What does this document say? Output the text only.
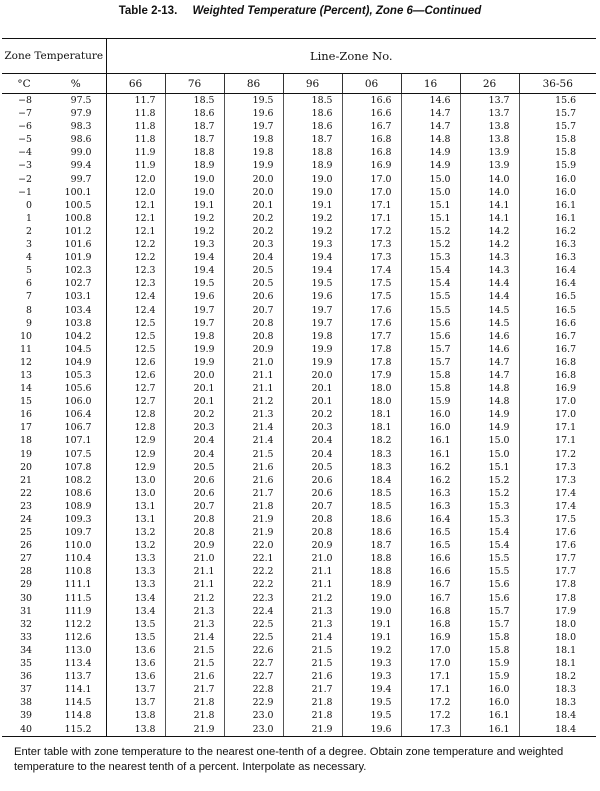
Table 2-13. Weighted Temperature (Percent), Zone 6—Continued
Zone Temperature		Line-Zone No.							
°C	%	66	76	86	96	06	16	26	36-56
−8	97.5	11.7	18.5	19.5	18.5	16.6	14.6	13.7	15.6
−7	97.9	11.8	18.6	19.6	18.6	16.6	14.7	13.7	15.7
−6	98.3	11.8	18.7	19.7	18.6	16.7	14.7	13.8	15.7
−5	98.6	11.8	18.7	19.8	18.7	16.8	14.8	13.8	15.8
−4	99.0	11.9	18.8	19.8	18.8	16.8	14.9	13.9	15.8
−3	99.4	11.9	18.9	19.9	18.9	16.9	14.9	13.9	15.9
−2	99.7	12.0	19.0	20.0	19.0	17.0	15.0	14.0	16.0
−1	100.1	12.0	19.0	20.0	19.0	17.0	15.0	14.0	16.0
0	100.5	12.1	19.1	20.1	19.1	17.1	15.1	14.1	16.1
1	100.8	12.1	19.2	20.2	19.2	17.1	15.1	14.1	16.1
2	101.2	12.1	19.2	20.2	19.2	17.2	15.2	14.2	16.2
3	101.6	12.2	19.3	20.3	19.3	17.3	15.2	14.2	16.3
4	101.9	12.2	19.4	20.4	19.4	17.3	15.3	14.3	16.3
5	102.3	12.3	19.4	20.5	19.4	17.4	15.4	14.3	16.4
6	102.7	12.3	19.5	20.5	19.5	17.5	15.4	14.4	16.4
7	103.1	12.4	19.6	20.6	19.6	17.5	15.5	14.4	16.5
8	103.4	12.4	19.7	20.7	19.7	17.6	15.5	14.5	16.5
9	103.8	12.5	19.7	20.8	19.7	17.6	15.6	14.5	16.6
10	104.2	12.5	19.8	20.8	19.8	17.7	15.6	14.6	16.7
11	104.5	12.5	19.9	20.9	19.9	17.8	15.7	14.6	16.7
12	104.9	12.6	19.9	21.0	19.9	17.8	15.7	14.7	16.8
13	105.3	12.6	20.0	21.1	20.0	17.9	15.8	14.7	16.8
14	105.6	12.7	20.1	21.1	20.1	18.0	15.8	14.8	16.9
15	106.0	12.7	20.1	21.2	20.1	18.0	15.9	14.8	17.0
16	106.4	12.8	20.2	21.3	20.2	18.1	16.0	14.9	17.0
17	106.7	12.8	20.3	21.4	20.3	18.1	16.0	14.9	17.1
18	107.1	12.9	20.4	21.4	20.4	18.2	16.1	15.0	17.1
19	107.5	12.9	20.4	21.5	20.4	18.3	16.1	15.0	17.2
20	107.8	12.9	20.5	21.6	20.5	18.3	16.2	15.1	17.3
21	108.2	13.0	20.6	21.6	20.6	18.4	16.2	15.2	17.3
22	108.6	13.0	20.6	21.7	20.6	18.5	16.3	15.2	17.4
23	108.9	13.1	20.7	21.8	20.7	18.5	16.3	15.3	17.4
24	109.3	13.1	20.8	21.9	20.8	18.6	16.4	15.3	17.5
25	109.7	13.2	20.8	21.9	20.8	18.6	16.5	15.4	17.6
26	110.0	13.2	20.9	22.0	20.9	18.7	16.5	15.4	17.6
27	110.4	13.3	21.0	22.1	21.0	18.8	16.6	15.5	17.7
28	110.8	13.3	21.1	22.2	21.1	18.8	16.6	15.5	17.7
29	111.1	13.3	21.1	22.2	21.1	18.9	16.7	15.6	17.8
30	111.5	13.4	21.2	22.3	21.2	19.0	16.7	15.6	17.8
31	111.9	13.4	21.3	22.4	21.3	19.0	16.8	15.7	17.9
32	112.2	13.5	21.3	22.5	21.3	19.1	16.8	15.7	18.0
33	112.6	13.5	21.4	22.5	21.4	19.1	16.9	15.8	18.0
34	113.0	13.6	21.5	22.6	21.5	19.2	17.0	15.8	18.1
35	113.4	13.6	21.5	22.7	21.5	19.3	17.0	15.9	18.1
36	113.7	13.6	21.6	22.7	21.6	19.3	17.1	15.9	18.2
37	114.1	13.7	21.7	22.8	21.7	19.4	17.1	16.0	18.3
38	114.5	13.7	21.8	22.9	21.8	19.5	17.2	16.0	18.3
39	114.8	13.8	21.8	23.0	21.8	19.5	17.2	16.1	18.4
40	115.2	13.8	21.9	23.0	21.9	19.6	17.3	16.1	18.4
Enter table with zone temperature to the nearest one-tenth of a degree. Obtain zone temperature and weighted temperature to the nearest tenth of a percent. Interpolate as necessary.
